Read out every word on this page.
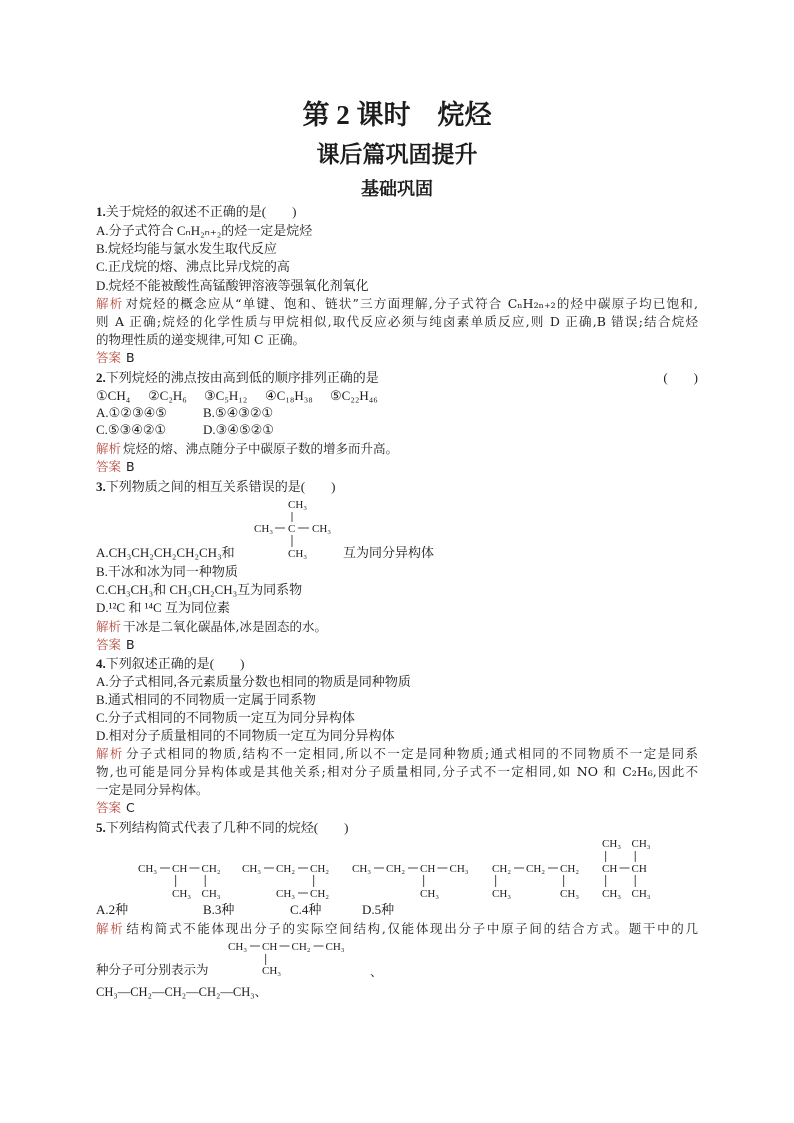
第 2 课时　烷烃
课后篇巩固提升
基础巩固
1.关于烷烃的叙述不正确的是(　　)
A.分子式符合 CₙH₂ₙ₊₂的烃一定是烷烃
B.烷烃均能与氯水发生取代反应
C.正戊烷的熔、沸点比异戊烷的高
D.烷烃不能被酸性高锰酸钾溶液等强氧化剂氧化
解析 对烷烃的概念应从“单键、饱和、链状”三方面理解,分子式符合 CₙH₂ₙ₊₂的烃中碳原子均已饱和,
则 A 正确;烷烃的化学性质与甲烷相似,取代反应必须与纯卤素单质反应,则 D 正确,B 错误;结合烷烃
的物理性质的递变规律,可知 C 正确。
答案 B
2.下列烷烃的沸点按由高到低的顺序排列正确的是	(　　)
①CH₄ ②C₂H₆ ③C₅H₁₂ ④C₁₈H₃₈ ⑤C₂₂H₄₆
A.①②③④⑤	B.⑤④③②①
C.⑤③④②①	D.③④⑤②①
解析 烷烃的熔、沸点随分子中碳原子数的增多而升高。
答案 B
3.下列物质之间的相互关系错误的是(　　)
CH₃
CH₃ C CH₃
CH₃
A.CH₃CH₂CH₂CH₂CH₃和	互为同分异构体
B.干冰和冰为同一种物质
C.CH₃CH₃和 CH₃CH₂CH₃互为同系物
D.¹²C 和 ¹⁴C 互为同位素
解析 干冰是二氧化碳晶体,冰是固态的水。
答案 B
4.下列叙述正确的是(　　)
A.分子式相同,各元素质量分数也相同的物质是同种物质
B.通式相同的不同物质一定属于同系物
C.分子式相同的不同物质一定互为同分异构体
D.相对分子质量相同的不同物质一定互为同分异构体
解析 分子式相同的物质,结构不一定相同,所以不一定是同种物质;通式相同的不同物质不一定是同系
物,也可能是同分异构体或是其他关系;相对分子质量相同,分子式不一定相同,如 NO 和 C₂H₆,因此不
一定是同分异构体。
答案 C
5.下列结构简式代表了几种不同的烷烃(　　)
CH₃ CH CH₂
CH₃ CH₃
CH₃ CH₂ CH₂
CH₃ CH₂
CH₃ CH₂ CH CH₃
CH₃
CH₂ CH₂ CH₂
CH₃	CH₃
CH₃ CH₃
CH CH
CH₃ CH₃
A.2种	B.3种	C.4种	D.5种
解析 结构简式不能体现出分子的实际空间结构,仅能体现出分子中原子间的结合方式。题干中的几
CH₃ CH CH₂ CH₃
CH₃
种分子可分别表示为	、
CH₃—CH₂—CH₂—CH₂—CH₃、
